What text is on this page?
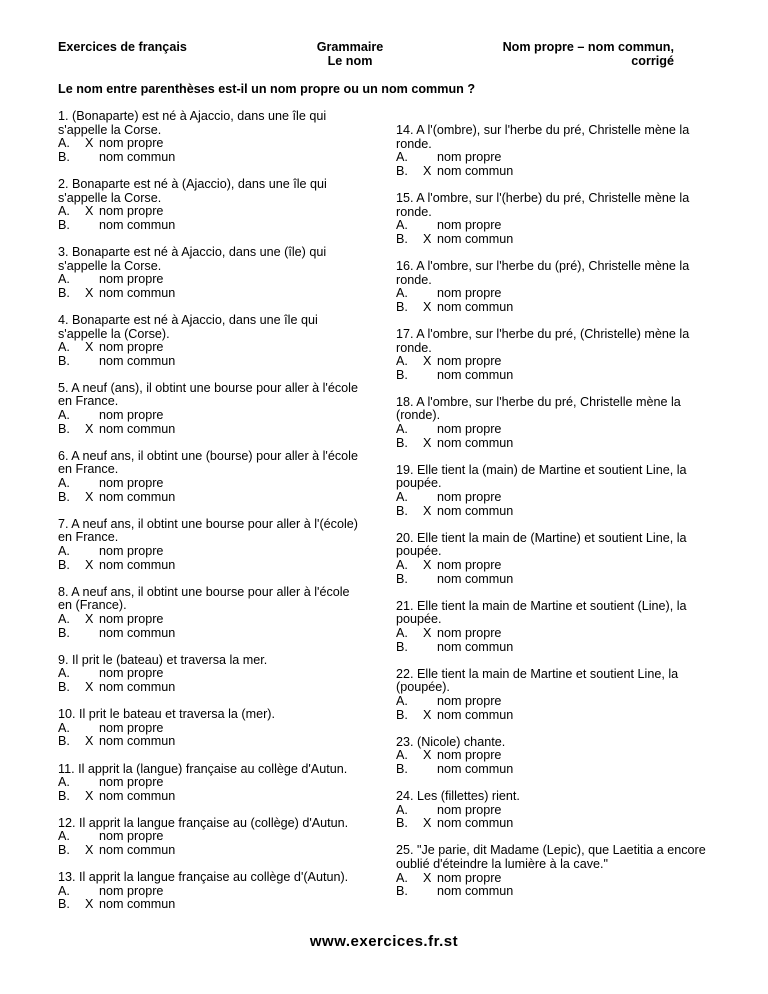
Exercices de français	Grammaire
Le nom
Nom propre – nom commun,
corrigé
Le nom entre parenthèses est-il un nom propre ou un nom commun ?
1. (Bonaparte) est né à Ajaccio, dans une île qui
s'appelle la Corse.
A.	X nom propre
B.	nom commun
2. Bonaparte est né à (Ajaccio), dans une île qui
s'appelle la Corse.
A.	X nom propre
B.	nom commun
3. Bonaparte est né à Ajaccio, dans une (île) qui
s'appelle la Corse.
A.	nom propre
B.	X nom commun
4. Bonaparte est né à Ajaccio, dans une île qui
s'appelle la (Corse).
A.	X nom propre
B.	nom commun
5. A neuf (ans), il obtint une bourse pour aller à l'école
en France.
A.	nom propre
B.	X nom commun
6. A neuf ans, il obtint une (bourse) pour aller à l'école
en France.
A.	nom propre
B.	X nom commun
7. A neuf ans, il obtint une bourse pour aller à l'(école)
en France.
A.	nom propre
B.	X nom commun
8. A neuf ans, il obtint une bourse pour aller à l'école
en (France).
A.	X nom propre
B.	nom commun
9. Il prit le (bateau) et traversa la mer.
A.	nom propre
B.	X nom commun
10. Il prit le bateau et traversa la (mer).
A.	nom propre
B.	X nom commun
11. Il apprit la (langue) française au collège d'Autun.
A.	nom propre
B.	X nom commun
12. Il apprit la langue française au (collège) d'Autun.
A.	nom propre
B.	X nom commun
13. Il apprit la langue française au collège d'(Autun).
A.	nom propre
B.	X nom commun
14. A l'(ombre), sur l'herbe du pré, Christelle mène la
ronde.
A.	nom propre
B.	X nom commun
15. A l'ombre, sur l'(herbe) du pré, Christelle mène la
ronde.
A.	nom propre
B.	X nom commun
16. A l'ombre, sur l'herbe du (pré), Christelle mène la
ronde.
A.	nom propre
B.	X nom commun
17. A l'ombre, sur l'herbe du pré, (Christelle) mène la
ronde.
A.	X nom propre
B.	nom commun
18. A l'ombre, sur l'herbe du pré, Christelle mène la
(ronde).
A.	nom propre
B.	X nom commun
19. Elle tient la (main) de Martine et soutient Line, la
poupée.
A.	nom propre
B.	X nom commun
20. Elle tient la main de (Martine) et soutient Line, la
poupée.
A.	X nom propre
B.	nom commun
21. Elle tient la main de Martine et soutient (Line), la
poupée.
A.	X nom propre
B.	nom commun
22. Elle tient la main de Martine et soutient Line, la
(poupée).
A.	nom propre
B.	X nom commun
23. (Nicole) chante.
A.	X nom propre
B.	nom commun
24. Les (fillettes) rient.
A.	nom propre
B.	X nom commun
25. "Je parie, dit Madame (Lepic), que Laetitia a encore
oublié d'éteindre la lumière à la cave."
A.	X nom propre
B.	nom commun
www.exercices.fr.st
